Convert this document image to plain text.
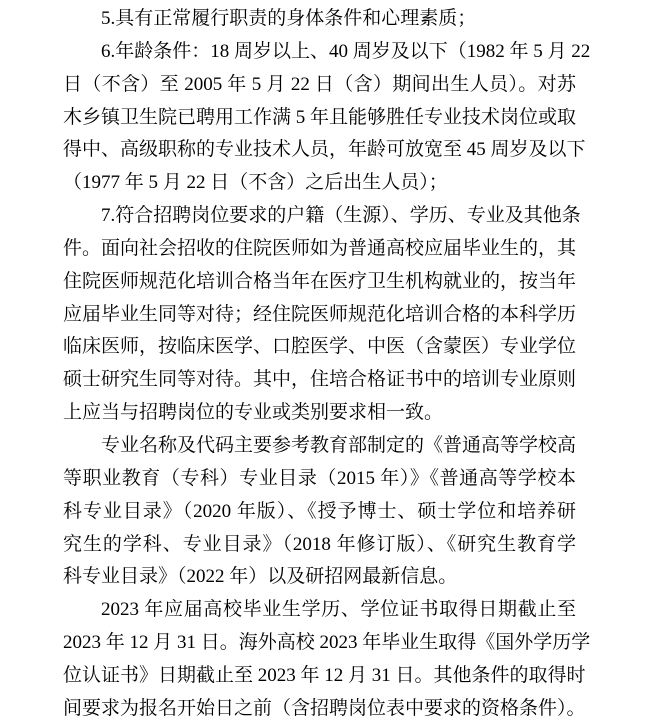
5.具有正常履行职责的身体条件和心理素质；
6.年龄条件：18 周岁以上、40 周岁及以下（1982 年 5 月 22
日（不含）至 2005 年 5 月 22 日（含）期间出生人员）。对苏
木乡镇卫生院已聘用工作满 5 年且能够胜任专业技术岗位或取
得中、高级职称的专业技术人员，年龄可放宽至 45 周岁及以下
（1977 年 5 月 22 日（不含）之后出生人员）；
7.符合招聘岗位要求的户籍（生源）、学历、专业及其他条
件。面向社会招收的住院医师如为普通高校应届毕业生的，其
住院医师规范化培训合格当年在医疗卫生机构就业的，按当年
应届毕业生同等对待；经住院医师规范化培训合格的本科学历
临床医师，按临床医学、口腔医学、中医（含蒙医）专业学位
硕士研究生同等对待。其中，住培合格证书中的培训专业原则
上应当与招聘岗位的专业或类别要求相一致。
专业名称及代码主要参考教育部制定的《普通高等学校高
等职业教育（专科）专业目录（2015 年）》《普通高等学校本
科专业目录》（2020 年版）、《授予博士、硕士学位和培养研
究生的学科、专业目录》（2018 年修订版）、《研究生教育学
科专业目录》（2022 年）以及研招网最新信息。
2023 年应届高校毕业生学历、学位证书取得日期截止至
2023 年 12 月 31 日。海外高校 2023 年毕业生取得《国外学历学
位认证书》日期截止至 2023 年 12 月 31 日。其他条件的取得时
间要求为报名开始日之前（含招聘岗位表中要求的资格条件）。
